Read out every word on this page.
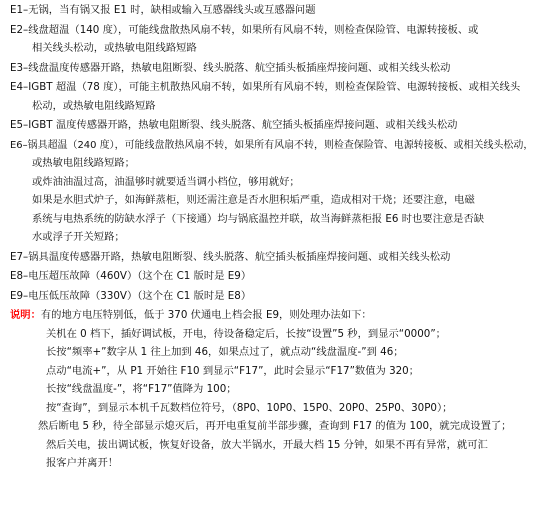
E1–无锅，当有锅又报 E1 时，缺相或输入互感器线头或互感器问题
E2–线盘超温（140 度），可能线盘散热风扇不转，如果所有风扇不转，则检查保险管、电源转接板、或
相关线头松动，或热敏电阻线路短路
E3–线盘温度传感器开路，热敏电阻断裂、线头脱落、航空插头板插座焊接问题、或相关线头松动
E4–IGBT 超温（78 度），可能主机散热风扇不转，如果所有风扇不转，则检查保险管、电源转接板、或相关线头
松动，或热敏电阻线路短路
E5–IGBT 温度传感器开路，热敏电阻断裂、线头脱落、航空插头板插座焊接问题、或相关线头松动
E6–锅具超温（240 度），可能线盘散热风扇不转，如果所有风扇不转，则检查保险管、电源转接板、或相关线头松动，
或热敏电阻线路短路；
或炸油油温过高，油温够时就要适当调小档位，够用就好；
如果是水胆式炉子，如海鲜蒸柜，则还需注意是否水胆积垢严重，造成相对干烧；还要注意，电磁
系统与电热系统的防缺水浮子（下接通）均与锅底温控并联，故当海鲜蒸柜报 E6 时也要注意是否缺
水或浮子开关短路；
E7–锅具温度传感器开路，热敏电阻断裂、线头脱落、航空插头板插座焊接问题、或相关线头松动
E8–电压超压故障（460V）（这个在 C1 版时是 E9）
E9–电压低压故障（330V）（这个在 C1 版时是 E8）
说明：有的地方电压特别低，低于 370 伏通电上档会报 E9，则处理办法如下：
关机在 0 档下，插好调试板，开电，待设备稳定后，长按“设置”5 秒，到显示“0000”；
长按“频率+”数字从 1 往上加到 46，如果点过了，就点动“线盘温度-”到 46；
点动“电流+”，从 P1 开始往 F10 到显示“F17”，此时会显示“F17”数值为 320；
长按“线盘温度-”，将“F17”值降为 100；
按“查询”，到显示本机千瓦数档位符号，（8P0、10P0、15P0、20P0、25P0、30P0）；
然后断电 5 秒，待全部显示熄灭后，再开电重复前半部步骤，查询到 F17 的值为 100，就完成设置了；
然后关电，拔出调试板，恢复好设备，放大半锅水，开最大档 15 分钟，如果不再有异常，就可汇
报客户并离开！
